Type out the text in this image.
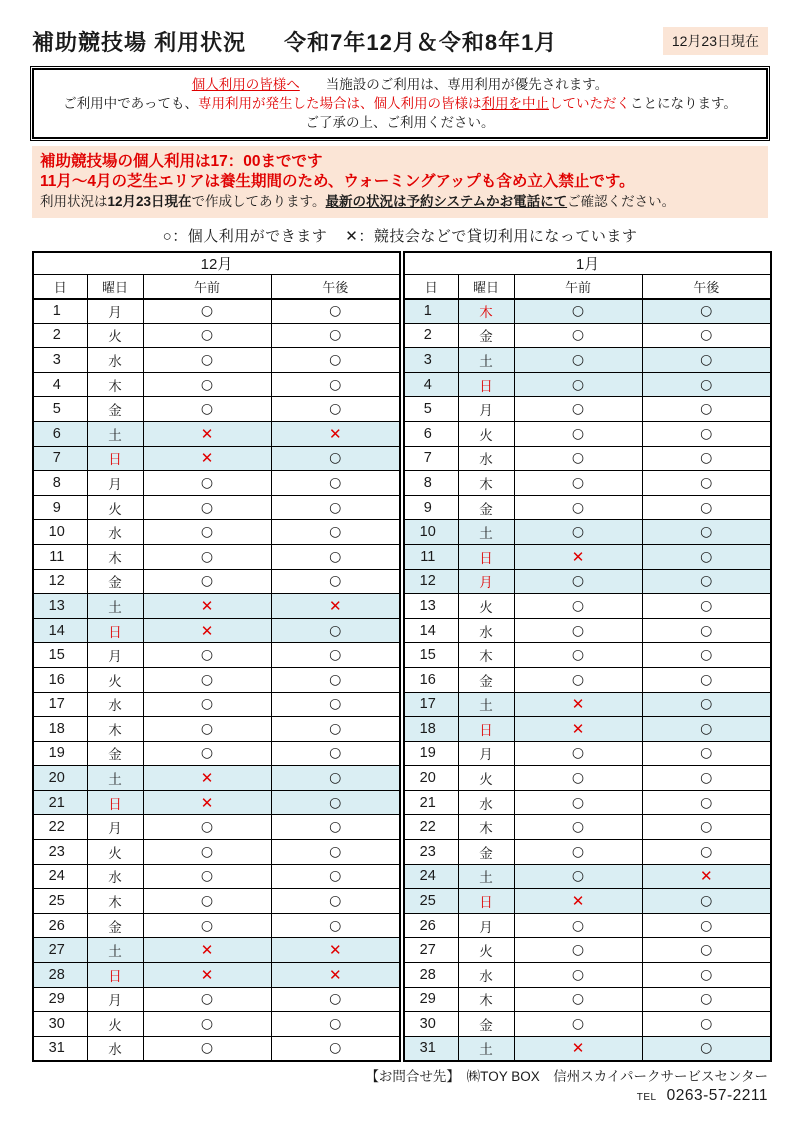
補助競技場 利用状況 令和7年12月＆令和8年1月	12月23日現在
個人利用の皆様へ 当施設のご利用は、専用利用が優先されます。
ご利用中であっても、専用利用が発生した場合は、個人利用の皆様は利用を中止していただくことになります。
ご了承の上、ご利用ください。
補助競技場の個人利用は17：00までです
11月～4月の芝生エリアは養生期間のため、ウォーミングアップも含め立入禁止です。
利用状況は12月23日現在で作成してあります。最新の状況は予約システムかお電話にてご確認ください。
○：個人利用ができます ✕：競技会などで貸切利用になっています
12月			
日	曜日	午前	午後
1	月	○	○
2	火	○	○
3	水	○	○
4	木	○	○
5	金	○	○
6	土	✕	✕
7	日	✕	○
8	月	○	○
9	火	○	○
10	水	○	○
11	木	○	○
12	金	○	○
13	土	✕	✕
14	日	✕	○
15	月	○	○
16	火	○	○
17	水	○	○
18	木	○	○
19	金	○	○
20	土	✕	○
21	日	✕	○
22	月	○	○
23	火	○	○
24	水	○	○
25	木	○	○
26	金	○	○
27	土	✕	✕
28	日	✕	✕
29	月	○	○
30	火	○	○
31	水	○	○
1月			
日	曜日	午前	午後
1	木	○	○
2	金	○	○
3	土	○	○
4	日	○	○
5	月	○	○
6	火	○	○
7	水	○	○
8	木	○	○
9	金	○	○
10	土	○	○
11	日	✕	○
12	月	○	○
13	火	○	○
14	水	○	○
15	木	○	○
16	金	○	○
17	土	✕	○
18	日	✕	○
19	月	○	○
20	火	○	○
21	水	○	○
22	木	○	○
23	金	○	○
24	土	○	✕
25	日	✕	○
26	月	○	○
27	火	○	○
28	水	○	○
29	木	○	○
30	金	○	○
31	土	✕	○
【お問合せ先】　㈱TOY BOX　信州スカイパークサービスセンター
TEL 0263-57-2211
